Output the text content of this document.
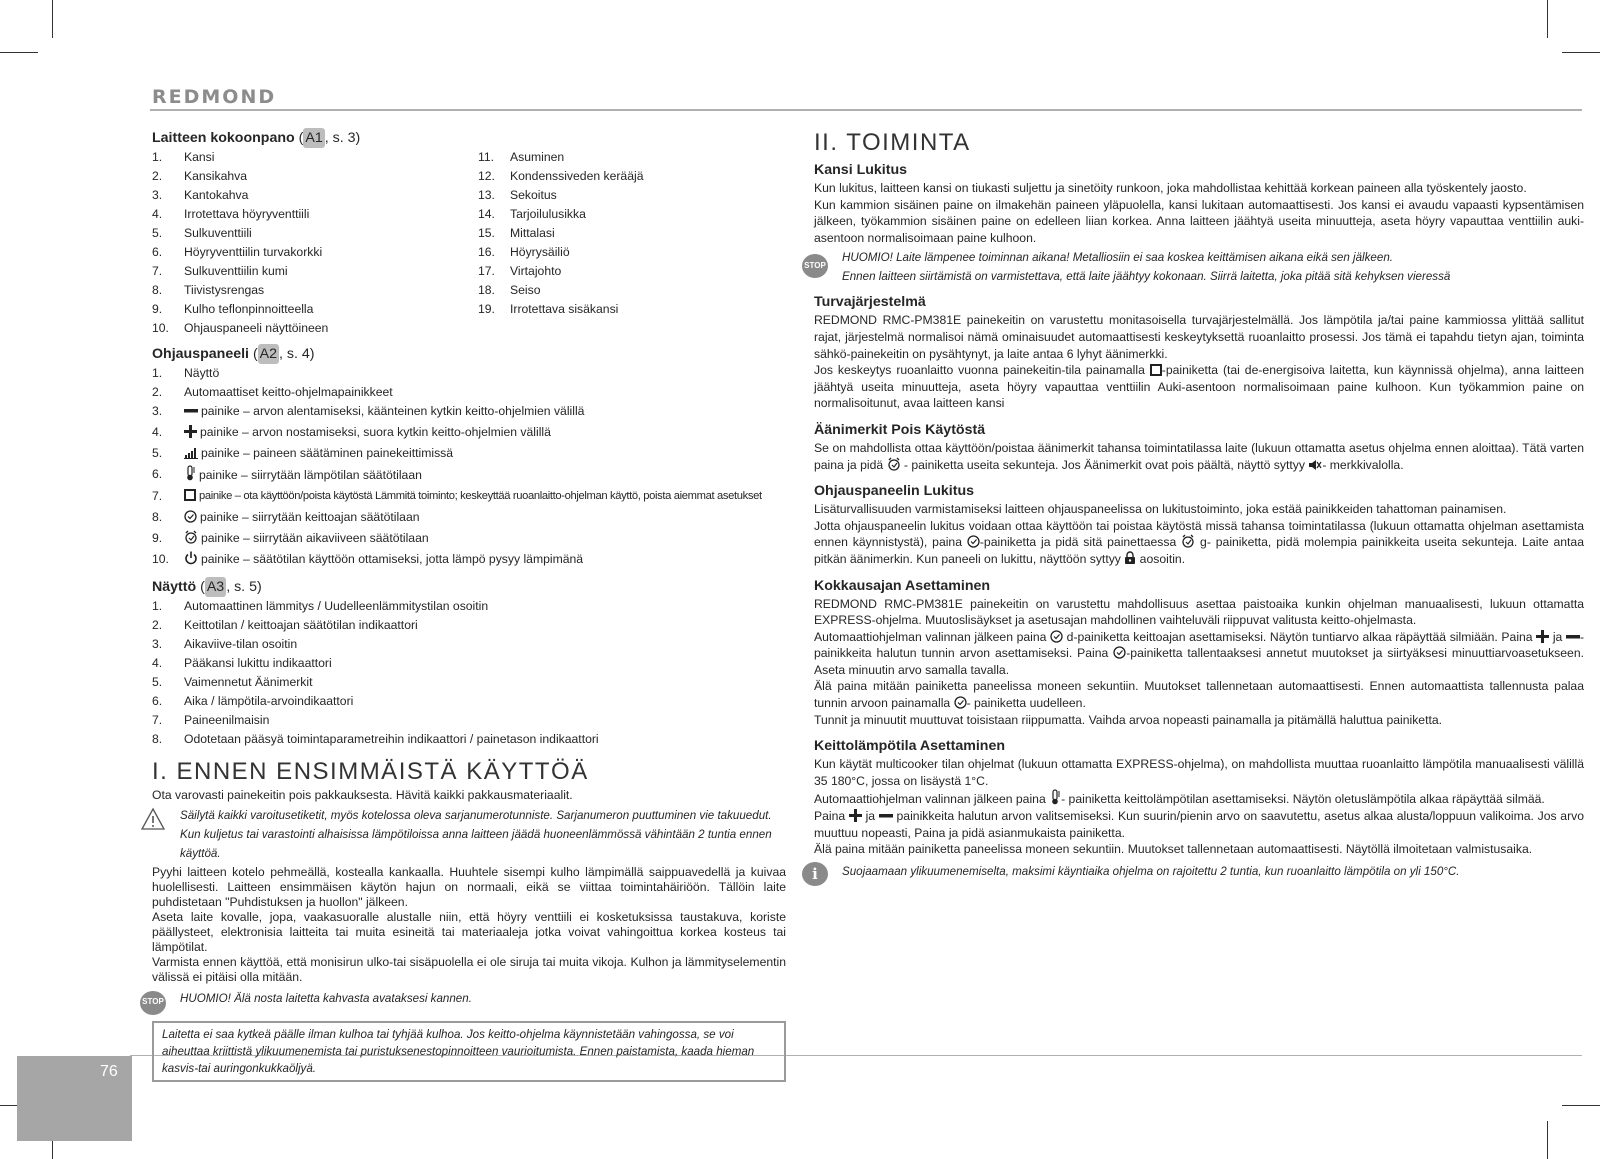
REDMOND
76
Laitteen kokoonpano ( A1 , s. 3)
1.	Kansi
2.	Kansikahva
3.	Kantokahva
4.	Irrotettava höyryventtiili
5.	Sulkuventtiili
6.	Höyryventtiilin turvakorkki
7.	Sulkuventtiilin kumi
8.	Tiivistysrengas
9.	Kulho teflonpinnoitteella
10.	Ohjauspaneeli näyttöineen
11.	Asuminen
12.	Kondenssiveden kerääjä
13.	Sekoitus
14.	Tarjoilulusikka
15.	Mittalasi
16.	Höyrysäiliö
17.	Virtajohto
18.	Seiso
19.	Irrotettava sisäkansi
Ohjauspaneeli ( A2 , s. 4)
1.	Näyttö
2.	Automaattiset keitto-ohjelmapainikkeet
3.	painike – arvon alentamiseksi, käänteinen kytkin keitto-ohjelmien välillä
4.	painike – arvon nostamiseksi, suora kytkin keitto-ohjelmien välillä
5.	painike – paineen säätäminen painekeittimissä
6.	painike – siirrytään lämpötilan säätötilaan
7.	painike – ota käyttöön/poista käytöstä Lämmitä toiminto; keskeyttää ruoanlaitto-ohjelman käyttö, poista aiemmat asetukset
8.	painike – siirrytään keittoajan säätötilaan
9.	painike – siirrytään aikaviiveen säätötilaan
10.	painike – säätötilan käyttöön ottamiseksi, jotta lämpö pysyy lämpimänä
Näyttö ( A3 , s. 5)
1.	Automaattinen lämmitys / Uudelleenlämmitystilan osoitin
2.	Keittotilan / keittoajan säätötilan indikaattori
3.	Aikaviive-tilan osoitin
4.	Pääkansi lukittu indikaattori
5.	Vaimennetut Äänimerkit
6.	Aika / lämpötila-arvoindikaattori
7.	Paineenilmaisin
8.	Odotetaan pääsyä toimintaparametreihin indikaattori / painetason indikaattori
I. ENNEN ENSIMMÄISTÄ KÄYTTÖÄ

Ota varovasti painekeitin pois pakkauksesta. Hävitä kaikki pakkausmateriaalit.

Säilytä kaikki varoitusetiketit, myös kotelossa oleva sarjanumerotunniste. Sarjanumeron puuttuminen vie takuuedut.
Kun kuljetus tai varastointi alhaisissa lämpötiloissa anna laitteen jäädä huoneenlämmössä vähintään 2 tuntia ennen käyttöä.

Pyyhi laitteen kotelo pehmeällä, kostealla kankaalla. Huuhtele sisempi kulho lämpimällä saippuavedellä ja kuivaa huolellisesti. Laitteen ensimmäisen käytön hajun on normaali, eikä se viittaa toimintahäiriöön. Tällöin laite puhdistetaan "Puhdistuksen ja huollon" jälkeen.

Aseta laite kovalle, jopa, vaakasuoralle alustalle niin, että höyry venttiili ei kosketuksissa taustakuva, koriste päällysteet, elektronisia laitteita tai muita esineitä tai materiaaleja jotka voivat vahingoittua korkea kosteus tai lämpötilat.

Varmista ennen käyttöä, että monisirun ulko-tai sisäpuolella ei ole siruja tai muita vikoja. Kulhon ja lämmityselementin välissä ei pitäisi olla mitään.

STOP HUOMIO! Älä nosta laitetta kahvasta avataksesi kannen.
Laitetta ei saa kytkeä päälle ilman kulhoa tai tyhjää kulhoa. Jos keitto-ohjelma käynnistetään vahingossa, se voi aiheuttaa kriittistä ylikuumenemista tai puristuksenestopinnoitteen vaurioitumista. Ennen paistamista, kaada hieman kasvis-tai auringonkukkaöljyä.
II. TOIMINTA
Kansi Lukitus

Kun lukitus, laitteen kansi on tiukasti suljettu ja sinetöity runkoon, joka mahdollistaa kehittää korkean paineen alla työskentely jaosto.

Kun kammion sisäinen paine on ilmakehän paineen yläpuolella, kansi lukitaan automaattisesti. Jos kansi ei avaudu vapaasti kypsentämisen jälkeen, työkammion sisäinen paine on edelleen liian korkea. Anna laitteen jäähtyä useita minuutteja, aseta höyry vapauttaa venttiilin auki-asentoon normalisoimaan paine kulhoon.

STOP
HUOMIO! Laite lämpenee toiminnan aikana! Metalliosiin ei saa koskea keittämisen aikana eikä sen jälkeen.
Ennen laitteen siirtämistä on varmistettava, että laite jäähtyy kokonaan. Siirrä laitetta, joka pitää sitä kehyksen vieressä
Turvajärjestelmä

REDMOND RMC-PM381E painekeitin on varustettu monitasoisella turvajärjestelmällä. Jos lämpötila ja/tai paine kammiossa ylittää sallitut rajat, järjestelmä normalisoi nämä ominaisuudet automaattisesti keskeytyksettä ruoanlaitto prosessi. Jos tämä ei tapahdu tietyn ajan, toiminta sähkö-painekeitin on pysähtynyt, ja laite antaa 6 lyhyt äänimerkki.

Jos keskeytys ruoanlaitto vuonna painekeitin-tila painamalla -painiketta (tai de-energisoiva laitetta, kun käynnissä ohjelma), anna laitteen jäähtyä useita minuutteja, aseta höyry vapauttaa venttiilin Auki-asentoon normalisoimaan paine kulhoon. Kun työkammion paine on normalisoitunut, avaa laitteen kansi

Äänimerkit Pois Käytöstä

Se on mahdollista ottaa käyttöön/poistaa äänimerkit tahansa toimintatilassa laite (lukuun ottamatta asetus ohjelma ennen aloittaa). Tätä varten paina ja pidä  - painiketta useita sekunteja. Jos Äänimerkit ovat pois päältä, näyttö syttyy - merkkivalolla.

Ohjauspaneelin Lukitus

Lisäturvallisuuden varmistamiseksi laitteen ohjauspaneelissa on lukitustoiminto, joka estää painikkeiden tahattoman painamisen.

Jotta ohjauspaneelin lukitus voidaan ottaa käyttöön tai poistaa käytöstä missä tahansa toimintatilassa (lukuun ottamatta ohjelman asettamista ennen käynnistystä), paina -painiketta ja pidä sitä painettaessa  g- painiketta, pidä molempia painikkeita useita sekunteja. Laite antaa pitkän äänimerkin. Kun paneeli on lukittu, näyttöön syttyy  aosoitin.

Kokkausajan Asettaminen

REDMOND RMC-PM381E painekeitin on varustettu mahdollisuus asettaa paistoaika kunkin ohjelman manuaalisesti, lukuun ottamatta EXPRESS-ohjelma. Muutoslisäykset ja asetusajan mahdollinen vaihteluväli riippuvat valitusta keitto-ohjelmasta.

Automaattiohjelman valinnan jälkeen paina  d-painiketta keittoajan asettamiseksi. Näytön tuntiarvo alkaa räpäyttää silmiään. Paina  ja -painikkeita halutun tunnin arvon asettamiseksi. Paina -painiketta tallentaaksesi annetut muutokset ja siirtyäksesi minuuttiarvoasetukseen. Aseta minuutin arvo samalla tavalla.

Älä paina mitään painiketta paneelissa moneen sekuntiin. Muutokset tallennetaan automaattisesti. Ennen automaattista tallennusta palaa tunnin arvoon painamalla - painiketta uudelleen.

Tunnit ja minuutit muuttuvat toisistaan riippumatta. Vaihda arvoa nopeasti painamalla ja pitämällä haluttua painiketta.

Keittolämpötila Asettaminen

Kun käytät multicooker tilan ohjelmat (lukuun ottamatta EXPRESS-ohjelma), on mahdollista muuttaa ruoanlaitto lämpötila manuaalisesti välillä 35 180°C, jossa on lisäystä 1°C.

Automaattiohjelman valinnan jälkeen paina - painiketta keittolämpötilan asettamiseksi. Näytön oletuslämpötila alkaa räpäyttää silmää.

Paina  ja  painikkeita halutun arvon valitsemiseksi. Kun suurin/pienin arvo on saavutettu, asetus alkaa alusta/loppuun valikoima. Jos arvo muuttuu nopeasti, Paina ja pidä asianmukaista painiketta.

Älä paina mitään painiketta paneelissa moneen sekuntiin. Muutokset tallennetaan automaattisesti. Näytöllä ilmoitetaan valmistusaika.

i	Suojaamaan ylikuumenemiselta, maksimi käyntiaika ohjelma on rajoitettu 2 tuntia, kun ruoanlaitto lämpötila on yli 150°C.
